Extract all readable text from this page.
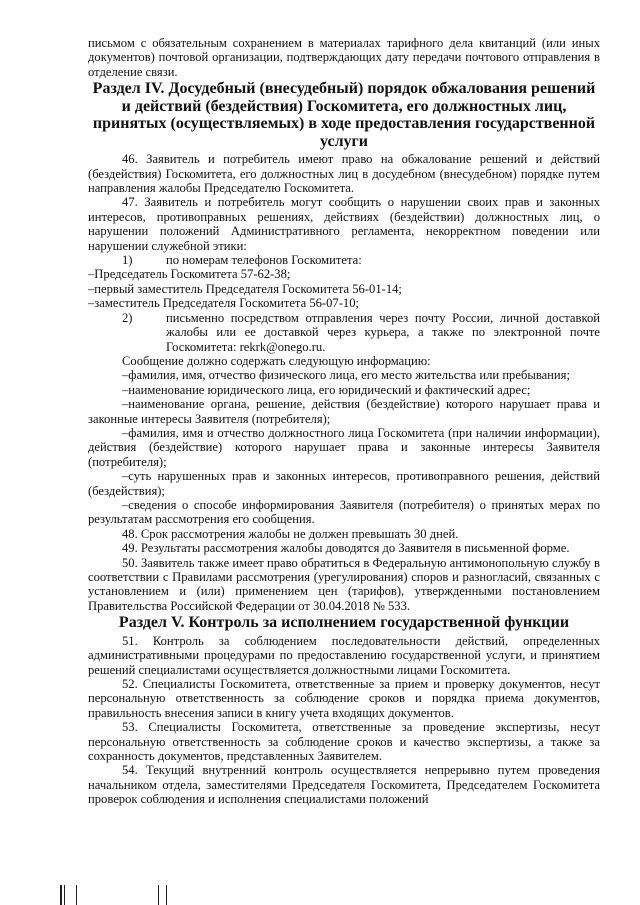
письмом с обязательным сохранением в материалах тарифного дела квитанций (или иных документов) почтовой организации, подтверждающих дату передачи почтового отправления в отделение связи.

Раздел IV. Досудебный (внесудебный) порядок обжалования решений и действий (бездействия) Госкомитета, его должностных лиц, принятых (осуществляемых) в ходе предоставления государственной услуги

46. Заявитель и потребитель имеют право на обжалование решений и действий (бездействия) Госкомитета, его должностных лиц в досудебном (внесудебном) порядке путем направления жалобы Председателю Госкомитета.

47. Заявитель и потребитель могут сообщить о нарушении своих прав и законных интересов, противоправных решениях, действиях (бездействии) должностных лиц, о нарушении положений Административного регламента, некорректном поведении или нарушении служебной этики:

1)	по номерам телефонов Госкомитета:

–Председатель Госкомитета 57-62-38;

–первый заместитель Председателя Госкомитета 56-01-14;

–заместитель Председателя Госкомитета 56-07-10;

2)	письменно посредством отправления через почту России, личной доставкой жалобы или ее доставкой через курьера, а также по электронной почте Госкомитета: rekrk@onego.ru.

Сообщение должно содержать следующую информацию:

–фамилия, имя, отчество физического лица, его место жительства или пребывания;

–наименование юридического лица, его юридический и фактический адрес;

–наименование органа, решение, действия (бездействие) которого нарушает права и законные интересы Заявителя (потребителя);

–фамилия, имя и отчество должностного лица Госкомитета (при наличии информации), действия (бездействие) которого нарушает права и законные интересы Заявителя (потребителя);

–суть нарушенных прав и законных интересов, противоправного решения, действий (бездействия);

–сведения о способе информирования Заявителя (потребителя) о принятых мерах по результатам рассмотрения его сообщения.

48. Срок рассмотрения жалобы не должен превышать 30 дней.

49. Результаты рассмотрения жалобы доводятся до Заявителя в письменной форме.

50. Заявитель также имеет право обратиться в Федеральную антимонопольную службу в соответствии с Правилами рассмотрения (урегулирования) споров и разногласий, связанных с установлением и (или) применением цен (тарифов), утвержденными постановлением Правительства Российской Федерации от 30.04.2018 № 533.

Раздел V. Контроль за исполнением государственной функции

51. Контроль за соблюдением последовательности действий, определенных административными процедурами по предоставлению государственной услуги, и принятием решений специалистами осуществляется должностными лицами Госкомитета.

52. Специалисты Госкомитета, ответственные за прием и проверку документов, несут персональную ответственность за соблюдение сроков и порядка приема документов, правильность внесения записи в книгу учета входящих документов.

53. Специалисты Госкомитета, ответственные за проведение экспертизы, несут персональную ответственность за соблюдение сроков и качество экспертизы, а также за сохранность документов, представленных Заявителем.

54. Текущий внутренний контроль осуществляется непрерывно путем проведения начальником отдела, заместителями Председателя Госкомитета, Председателем Госкомитета проверок соблюдения и исполнения специалистами положений
